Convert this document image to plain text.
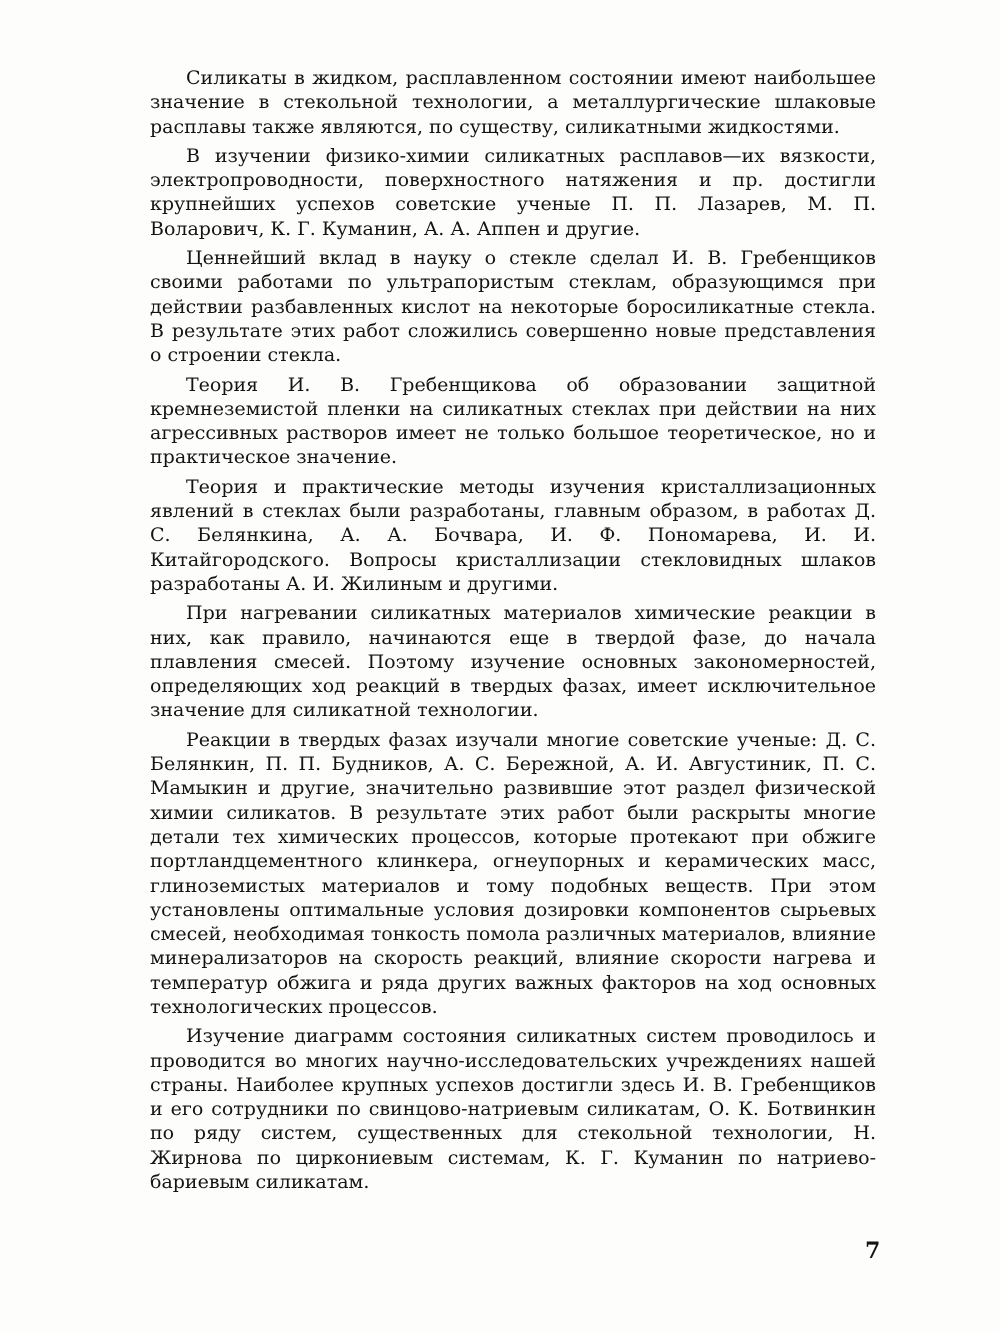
Силикаты в жидком, расплавленном состоянии имеют наибольшее значение в стекольной технологии, а металлургические шлаковые расплавы также являются, по существу, силикатными жидкостями.

В изучении физико-химии силикатных расплавов—их вязкости, электропроводности, поверхностного натяжения и пр. достигли крупнейших успехов советские ученые П. П. Лазарев, М. П. Воларович, К. Г. Куманин, А. А. Аппен и другие.

Ценнейший вклад в науку о стекле сделал И. В. Гребенщиков своими работами по ультрапористым стеклам, образующимся при действии разбавленных кислот на некоторые боросиликатные стекла. В результате этих работ сложились совершенно новые представления о строении стекла.

Теория И. В. Гребенщикова об образовании защитной кремнеземистой пленки на силикатных стеклах при действии на них агрессивных растворов имеет не только большое теоретическое, но и практическое значение.

Теория и практические методы изучения кристаллизационных явлений в стеклах были разработаны, главным образом, в работах Д. С. Белянкина, А. А. Бочвара, И. Ф. Пономарева, И. И. Китайгородского. Вопросы кристаллизации стекловидных шлаков разработаны А. И. Жилиным и другими.

При нагревании силикатных материалов химические реакции в них, как правило, начинаются еще в твердой фазе, до начала плавления смесей. Поэтому изучение основных закономерностей, определяющих ход реакций в твердых фазах, имеет исключительное значение для силикатной технологии.

Реакции в твердых фазах изучали многие советские ученые: Д. С. Белянкин, П. П. Будников, А. С. Бережной, А. И. Августиник, П. С. Мамыкин и другие, значительно развившие этот раздел физической химии силикатов. В результате этих работ были раскрыты многие детали тех химических процессов, которые протекают при обжиге портландцементного клинкера, огнеупорных и керамических масс, глиноземистых материалов и тому подобных веществ. При этом установлены оптимальные условия дозировки компонентов сырьевых смесей, необходимая тонкость помола различных материалов, влияние минерализаторов на скорость реакций, влияние скорости нагрева и температур обжига и ряда других важных факторов на ход основных технологических процессов.

Изучение диаграмм состояния силикатных систем проводилось и проводится во многих научно-исследовательских учреждениях нашей страны. Наиболее крупных успехов достигли здесь И. В. Гребенщиков и его сотрудники по свинцово-натриевым силикатам, О. К. Ботвинкин по ряду систем, существенных для стекольной технологии, Н. Жирнова по циркониевым системам, К. Г. Куманин по натриево-бариевым силикатам.

7
